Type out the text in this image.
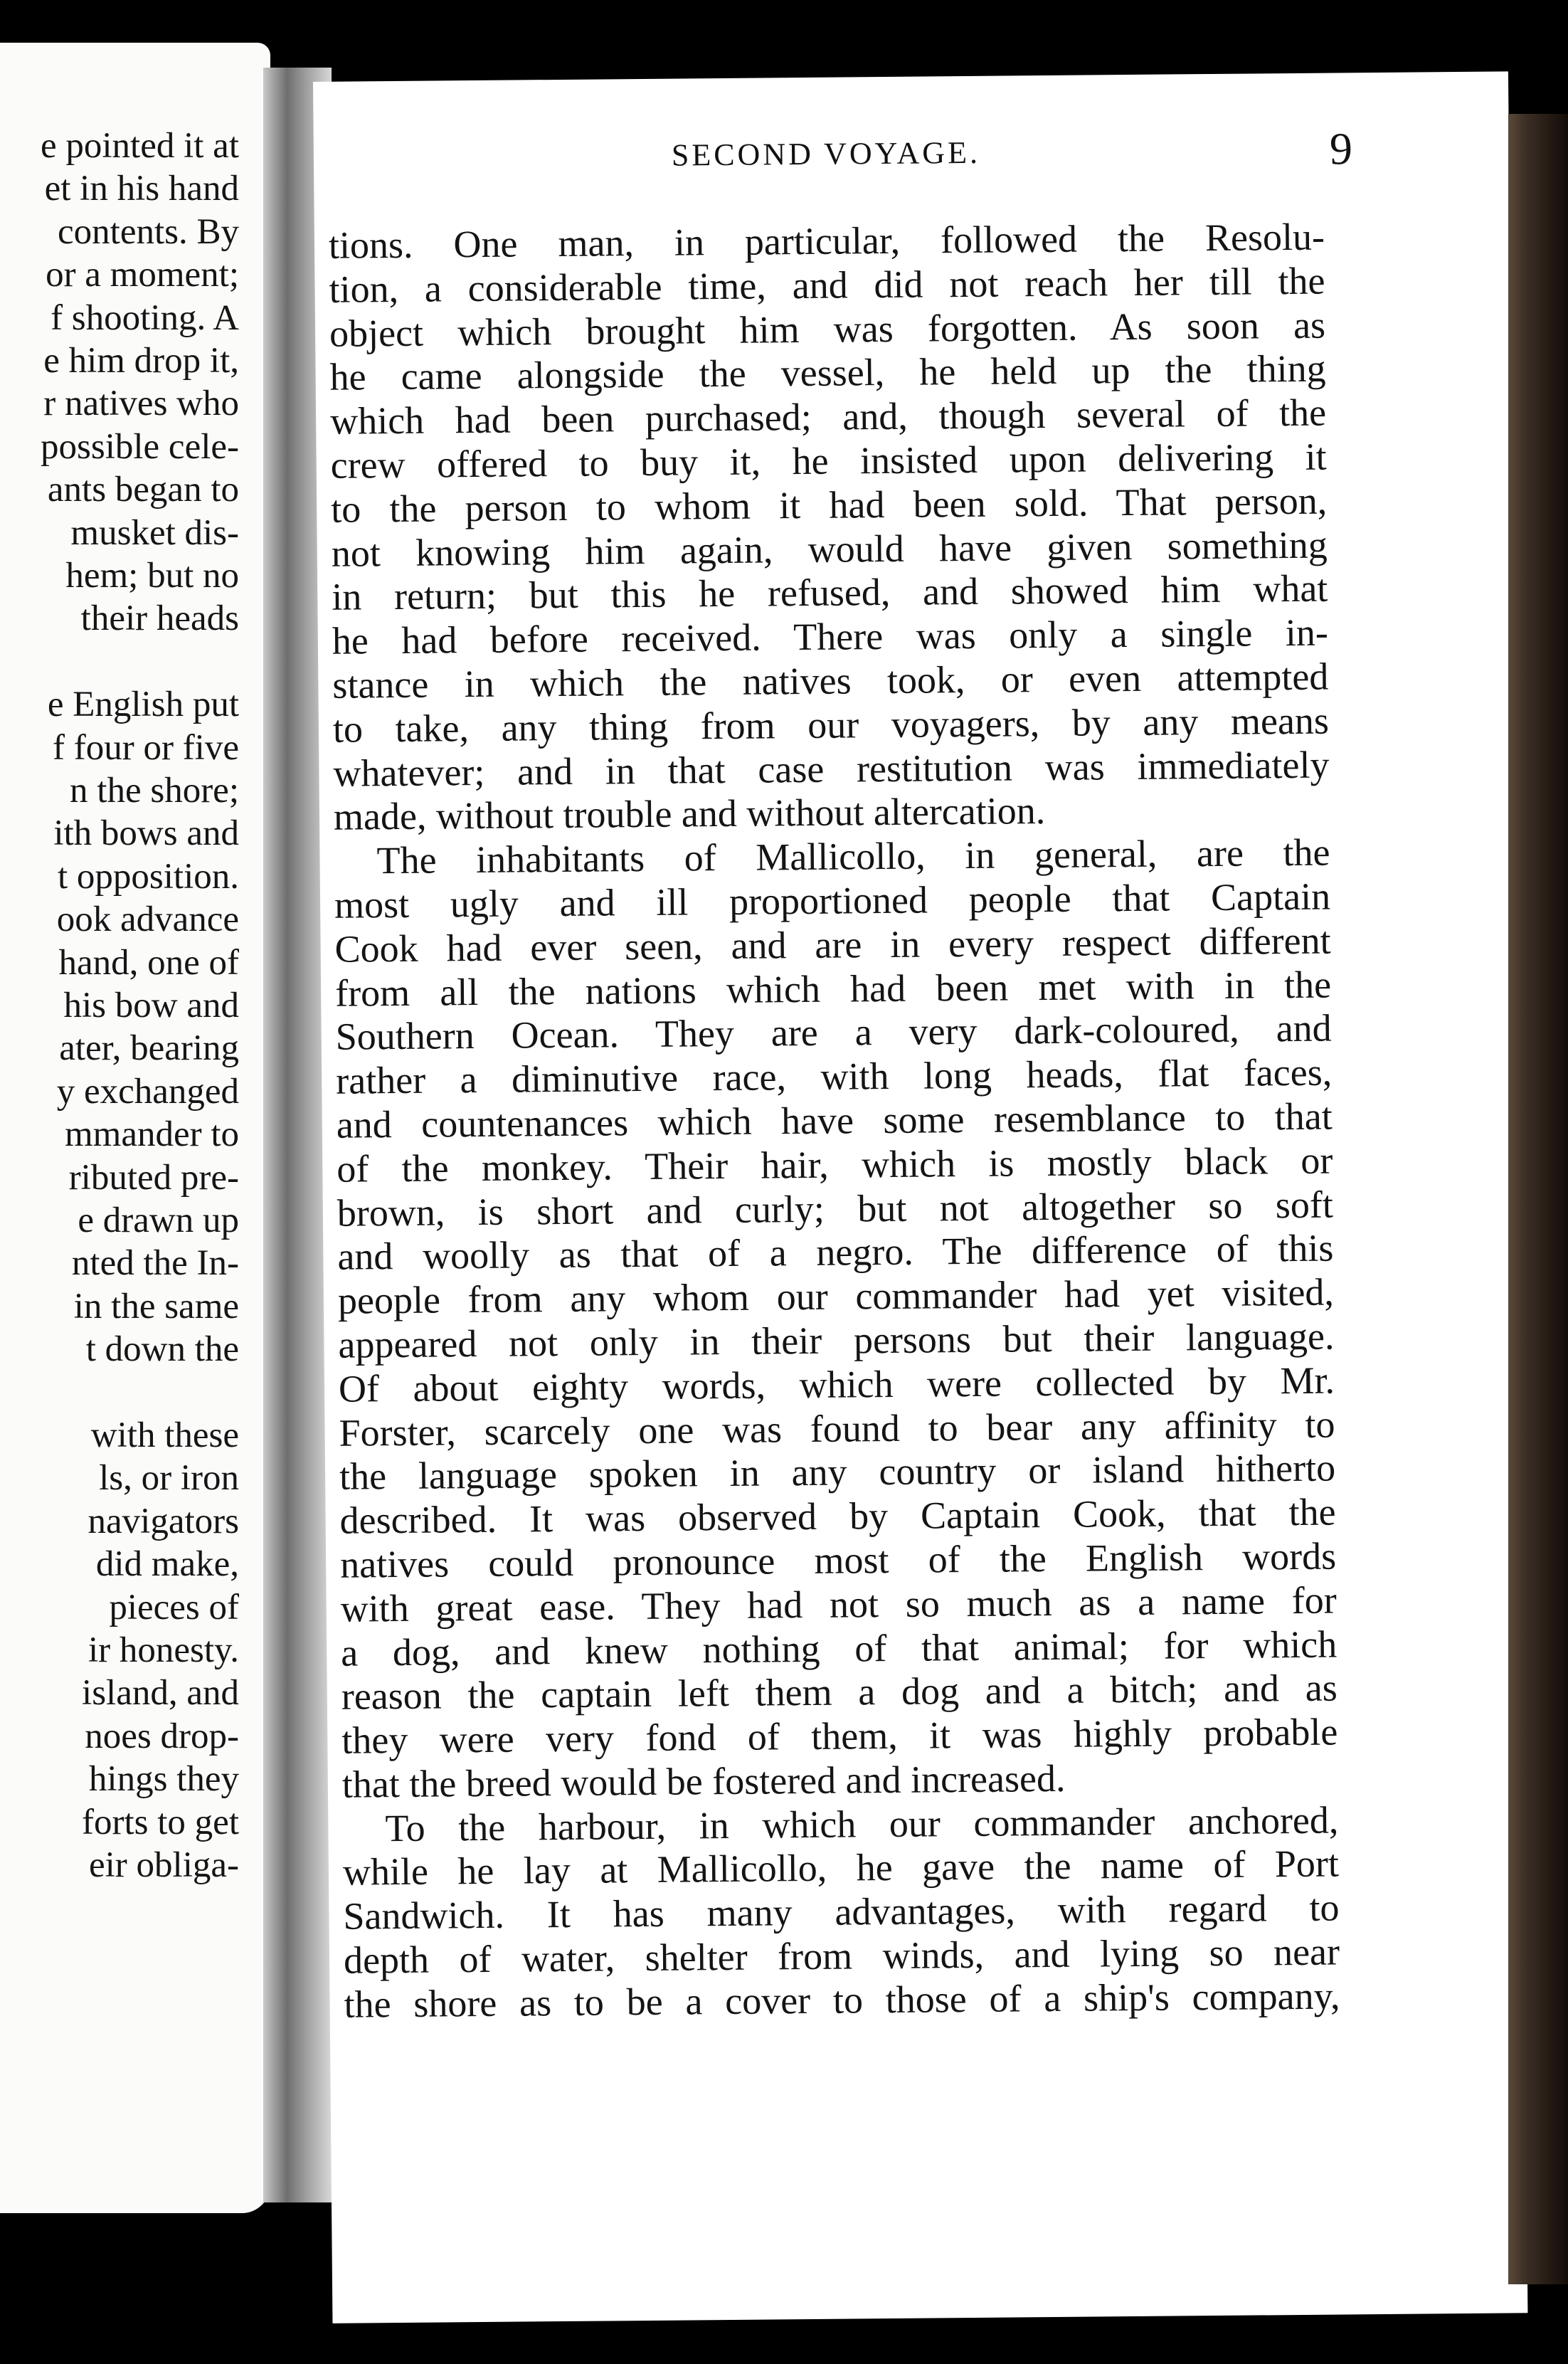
e pointed it at
et in his hand
contents. By
or a moment;
f shooting. A
e him drop it,
r natives who
possible cele-
ants began to
musket dis-
hem; but no
their heads
e English put
f four or five
n the shore;
ith bows and
t opposition.
ook advance
hand, one of
his bow and
ater, bearing
y exchanged
mmander to
ributed pre-
e drawn up
nted the In-
in the same
t down the
with these
ls, or iron
navigators
did make,
pieces of
ir honesty.
island, and
noes drop-
hings they
forts to get
eir obliga-
SECOND VOYAGE.	9

tions. One man, in particular, followed the Resolu-

tion, a considerable time, and did not reach her till the

object which brought him was forgotten. As soon as

he came alongside the vessel, he held up the thing

which had been purchased; and, though several of the

crew offered to buy it, he insisted upon delivering it

to the person to whom it had been sold. That person,

not knowing him again, would have given something

in return; but this he refused, and showed him what

he had before received. There was only a single in-

stance in which the natives took, or even attempted

to take, any thing from our voyagers, by any means

whatever; and in that case restitution was immediately

made, without trouble and without altercation.

The inhabitants of Mallicollo, in general, are the

most ugly and ill proportioned people that Captain

Cook had ever seen, and are in every respect different

from all the nations which had been met with in the

Southern Ocean. They are a very dark-coloured, and

rather a diminutive race, with long heads, flat faces,

and countenances which have some resemblance to that

of the monkey. Their hair, which is mostly black or

brown, is short and curly; but not altogether so soft

and woolly as that of a negro. The difference of this

people from any whom our commander had yet visited,

appeared not only in their persons but their language.

Of about eighty words, which were collected by Mr.

Forster, scarcely one was found to bear any affinity to

the language spoken in any country or island hitherto

described. It was observed by Captain Cook, that the

natives could pronounce most of the English words

with great ease. They had not so much as a name for

a dog, and knew nothing of that animal; for which

reason the captain left them a dog and a bitch; and as

they were very fond of them, it was highly probable

that the breed would be fostered and increased.

To the harbour, in which our commander anchored,

while he lay at Mallicollo, he gave the name of Port

Sandwich. It has many advantages, with regard to

depth of water, shelter from winds, and lying so near

the shore as to be a cover to those of a ship's company,
